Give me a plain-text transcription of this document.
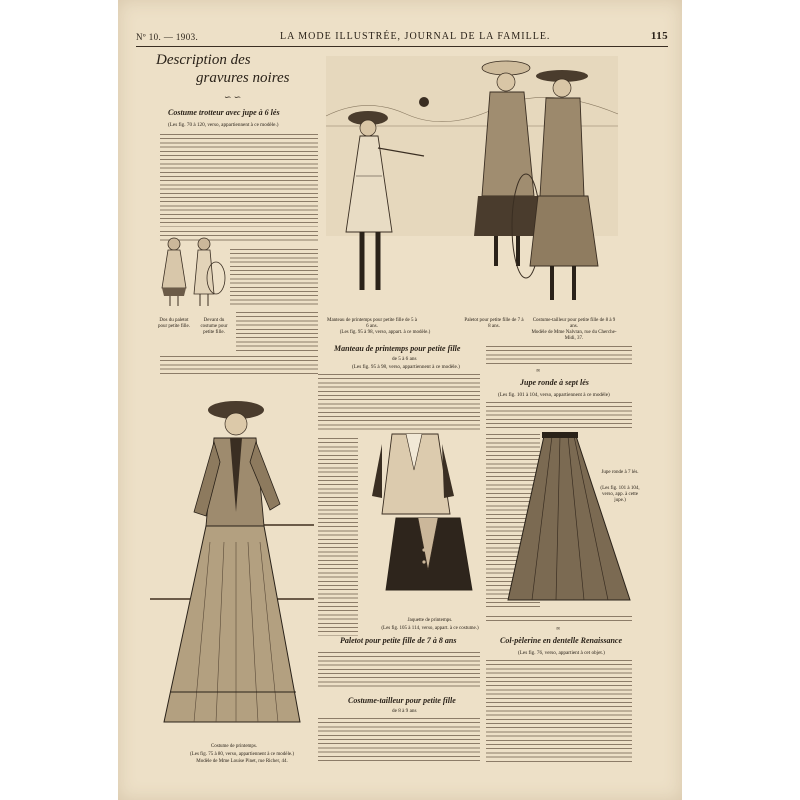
Nº 10. — 1903.	LA MODE ILLUSTRÉE, JOURNAL DE LA FAMILLE.	115
Description des
gravures noires
∽ ∽
Costume trotteur avec jupe à 6 lés
(Les fig. 70 à 120, verso, appartiennent à ce modèle.)
Dos du paletot pour petite fille.
Devant du costume pour petite fille.
Manteau de printemps pour petite fille de 5 à 6 ans.
(Les fig. 95 à 98, verso, appart. à ce modèle.)
Paletot pour petite fille de 7 à 8 ans.
Costume-tailleur pour petite fille de 8 à 9 ans.
Modèle de Mme Nalvran, rue du Cherche-Midi, 37.
Manteau de printemps pour petite fille
de 5 à 6 ans
(Les fig. 95 à 98, verso, appartiennent à ce modèle.)
Jaquette de printemps.
(Les fig. 105 à 114, verso, appart. à ce costume.)
Paletot pour petite fille de 7 à 8 ans
Costume-tailleur pour petite fille
de 8 à 9 ans
Costume de printemps.
(Les fig. 75 à 80, verso, appartiennent à ce modèle.)
Modèle de Mme Louise Pinet, rue Richer, 44.
∞
Jupe ronde à sept lés
(Les fig. 101 à 104, verso, appartiennent à ce modèle)
Jupe ronde à 7 lés.
(Les fig. 101 à 104, verso, app. à cette jupe.)
∞
Col-pèlerine en dentelle Renaissance
(Les fig. 76, verso, appartient à cet objet.)
